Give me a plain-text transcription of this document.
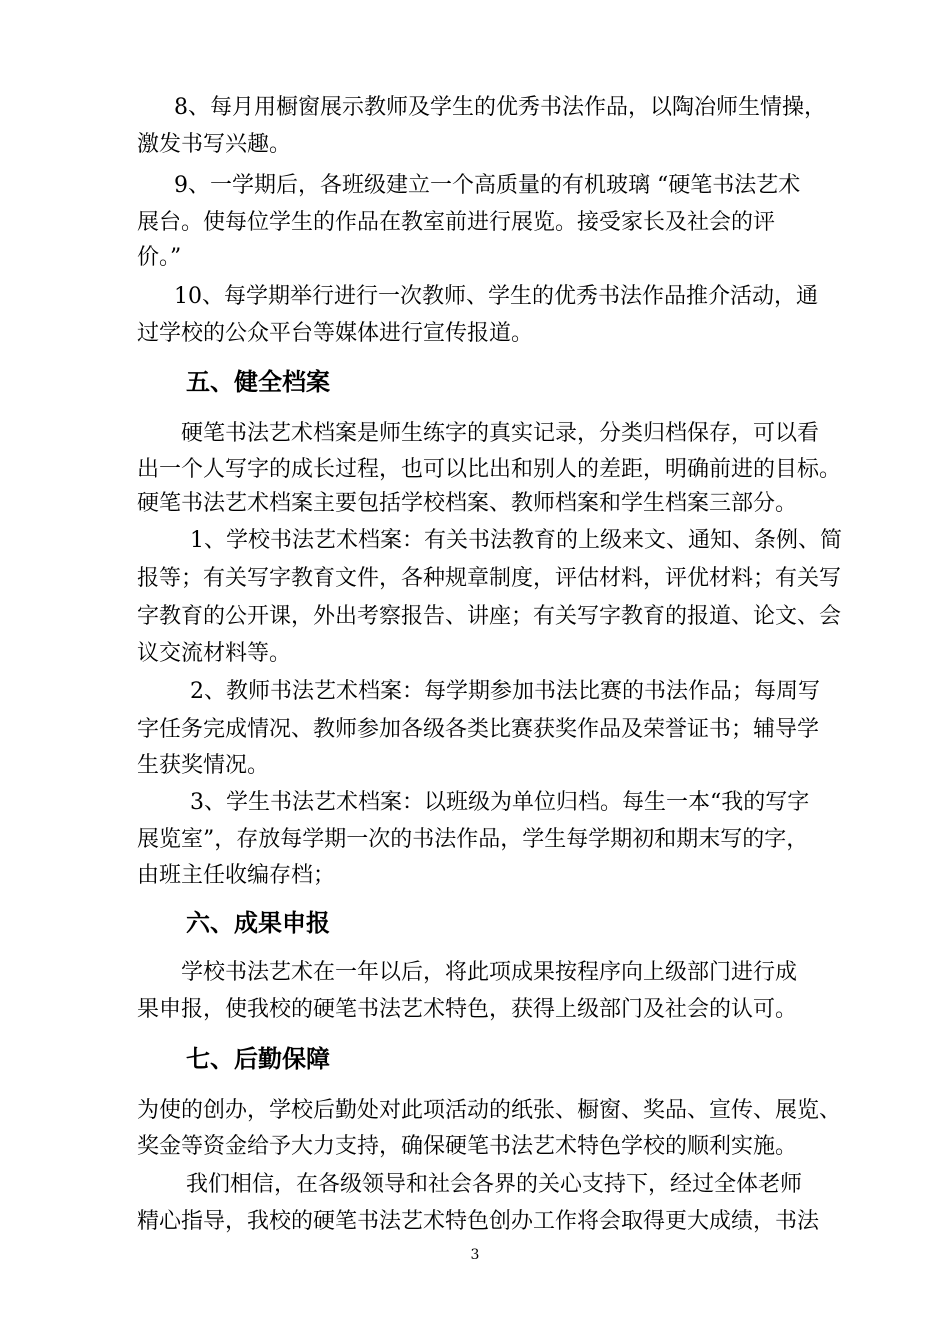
8、每月用橱窗展示教师及学生的优秀书法作品，以陶冶师生情操，
激发书写兴趣。
9、一学期后，各班级建立一个高质量的有机玻璃 “硬笔书法艺术
展台。使每位学生的作品在教室前进行展览。接受家长及社会的评
价。”
10、每学期举行进行一次教师、学生的优秀书法作品推介活动，通
过学校的公众平台等媒体进行宣传报道。
五、健全档案
硬笔书法艺术档案是师生练字的真实记录，分类归档保存，可以看
出一个人写字的成长过程，也可以比出和别人的差距，明确前进的目标。
硬笔书法艺术档案主要包括学校档案、教师档案和学生档案三部分。
1、学校书法艺术档案：有关书法教育的上级来文、通知、条例、简
报等；有关写字教育文件，各种规章制度，评估材料，评优材料；有关写
字教育的公开课，外出考察报告、讲座；有关写字教育的报道、论文、会
议交流材料等。
2、教师书法艺术档案：每学期参加书法比赛的书法作品；每周写
字任务完成情况、教师参加各级各类比赛获奖作品及荣誉证书；辅导学
生获奖情况。
3、学生书法艺术档案：以班级为单位归档。每生一本“我的写字
展览室”，存放每学期一次的书法作品，学生每学期初和期末写的字，
由班主任收编存档；
六、成果申报
学校书法艺术在一年以后，将此项成果按程序向上级部门进行成
果申报，使我校的硬笔书法艺术特色，获得上级部门及社会的认可。
七、后勤保障
为使的创办，学校后勤处对此项活动的纸张、橱窗、奖品、宣传、展览、
奖金等资金给予大力支持，确保硬笔书法艺术特色学校的顺利实施。
我们相信，在各级领导和社会各界的关心支持下，经过全体老师
精心指导，我校的硬笔书法艺术特色创办工作将会取得更大成绩，书法
3
